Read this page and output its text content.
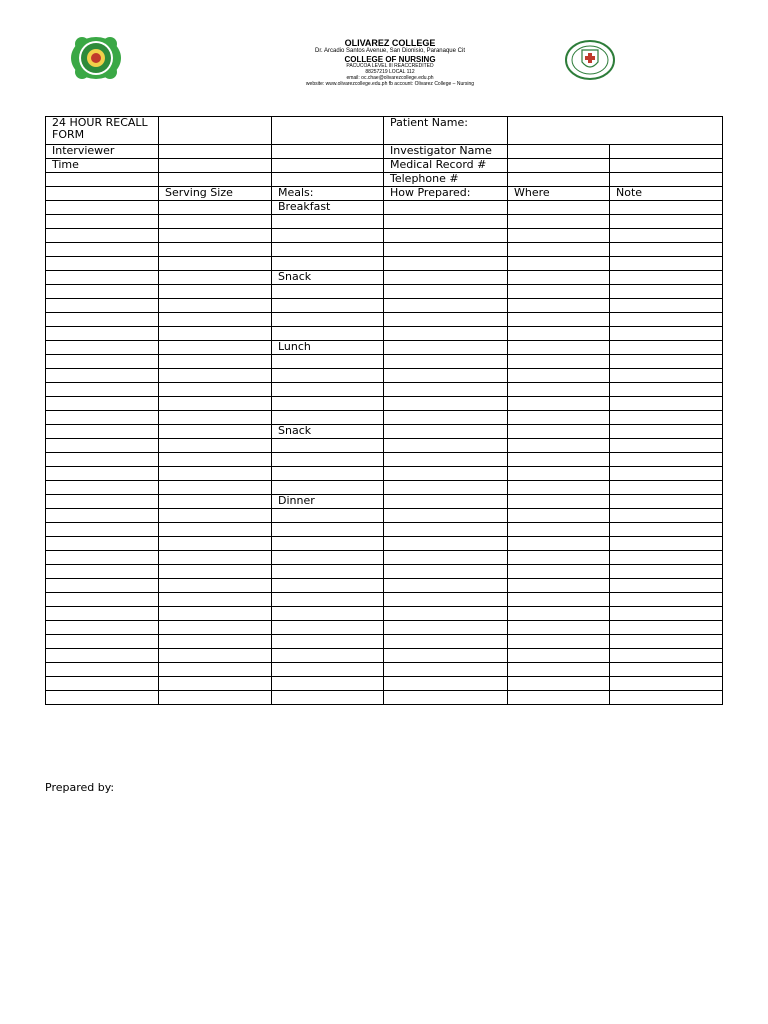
OLIVAREZ COLLEGE
Dr. Arcadio Santos Avenue, San Dionisio, Paranaque Cit
COLLEGE OF NURSING
PACUCOA LEVEL III REACCREDITED
88257219 LOCAL 112
email: oc.chae@olivarezcollege.edu.ph
website: www.olivarezcollege.edu.ph fb account: Olivarez College – Nursing
24 HOUR RECALL FORM			Patient Name:		
Interviewer			Investigator Name		
Time			Medical Record #		
			Telephone #		
	Serving Size	Meals:	How Prepared:	Where	Note
		Breakfast			

		Snack			

		Lunch			

		Snack			

		Dinner			

Prepared by:
